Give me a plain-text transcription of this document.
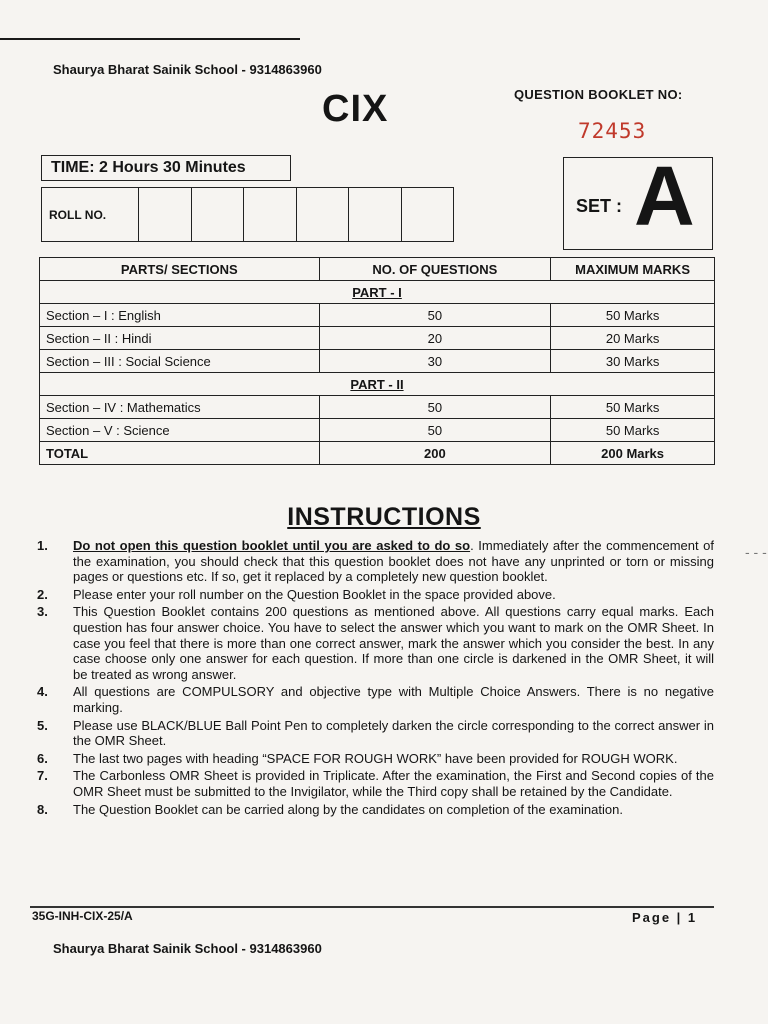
Shaurya Bharat Sainik School - 9314863960
CIX	QUESTION BOOKLET NO:
72453
TIME: 2 Hours 30 Minutes
ROLL NO.	SET : A
PARTS/ SECTIONS	NO. OF QUESTIONS	MAXIMUM MARKS
PART - I		
Section – I : English	50	50 Marks
Section – II : Hindi	20	20 Marks
Section – III : Social Science	30	30 Marks
PART - II		
Section – IV : Mathematics	50	50 Marks
Section – V : Science	50	50 Marks
TOTAL	200	200 Marks
INSTRUCTIONS
1. Do not open this question booklet until you are asked to do so. Immediately after the commencement of the examination, you should check that this question booklet does not have any unprinted or torn or missing pages or questions etc. If so, get it replaced by a completely new question booklet.
2. Please enter your roll number on the Question Booklet in the space provided above.
3. This Question Booklet contains 200 questions as mentioned above. All questions carry equal marks. Each question has four answer choice. You have to select the answer which you want to mark on the OMR Sheet. In case you feel that there is more than one correct answer, mark the answer which you consider the best. In any case choose only one answer for each question. If more than one circle is darkened in the OMR Sheet, it will be treated as wrong answer.
4. All questions are COMPULSORY and objective type with Multiple Choice Answers. There is no negative marking.
5. Please use BLACK/BLUE Ball Point Pen to completely darken the circle corresponding to the correct answer in the OMR Sheet.
6. The last two pages with heading “SPACE FOR ROUGH WORK” have been provided for ROUGH WORK.
7. The Carbonless OMR Sheet is provided in Triplicate. After the examination, the First and Second copies of the OMR Sheet must be submitted to the Invigilator, while the Third copy shall be retained by the Candidate.
8. The Question Booklet can be carried along by the candidates on completion of the examination.
- - -
35G-INH-CIX-25/A	Page | 1
Shaurya Bharat Sainik School - 9314863960
